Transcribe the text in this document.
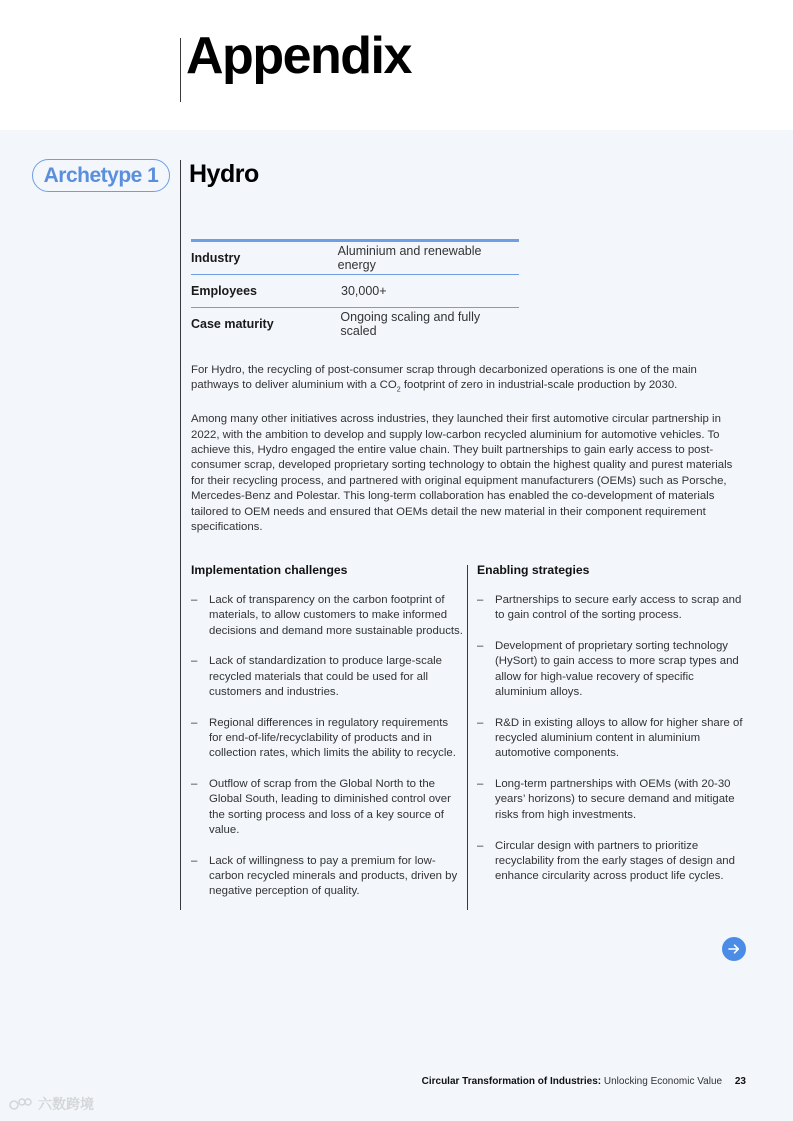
Appendix
Archetype 1	Hydro
Industry	Aluminium and renewable energy
Employees	30,000+
Case maturity	Ongoing scaling and fully scaled

For Hydro, the recycling of post-consumer scrap through decarbonized operations is one of the main pathways to deliver aluminium with a $CO_2$ footprint of zero in industrial-scale production by 2030.

Among many other initiatives across industries, they launched their first automotive circular partnership in 2022, with the ambition to develop and supply low-carbon recycled aluminium for automotive vehicles. To achieve this, Hydro engaged the entire value chain. They built partnerships to gain early access to post-consumer scrap, developed proprietary sorting technology to obtain the highest quality and purest materials for their recycling process, and partnered with original equipment manufacturers (OEMs) such as Porsche, Mercedes-Benz and Polestar. This long-term collaboration has enabled the co-development of materials tailored to OEM needs and ensured that OEMs detail the new material in their component requirement specifications.

Implementation challenges
– Lack of transparency on the carbon footprint of materials, to allow customers to make informed decisions and demand more sustainable products.
– Lack of standardization to produce large-scale recycled materials that could be used for all customers and industries.
– Regional differences in regulatory requirements for end-of-life/recyclability of products and in collection rates, which limits the ability to recycle.
– Outflow of scrap from the Global North to the Global South, leading to diminished control over the sorting process and loss of a key source of value.
– Lack of willingness to pay a premium for low-carbon recycled minerals and products, driven by negative perception of quality.
Enabling strategies
– Partnerships to secure early access to scrap and to gain control of the sorting process.
– Development of proprietary sorting technology (HySort) to gain access to more scrap types and allow for high-value recovery of specific aluminium alloys.
– R&D in existing alloys to allow for higher share of recycled aluminium content in aluminium automotive components.
– Long-term partnerships with OEMs (with 20-30 years’ horizons) to secure demand and mitigate risks from high investments.
– Circular design with partners to prioritize recyclability from the early stages of design and enhance circularity across product life cycles.
Circular Transformation of Industries: Unlocking Economic Value 23
六数跨境
